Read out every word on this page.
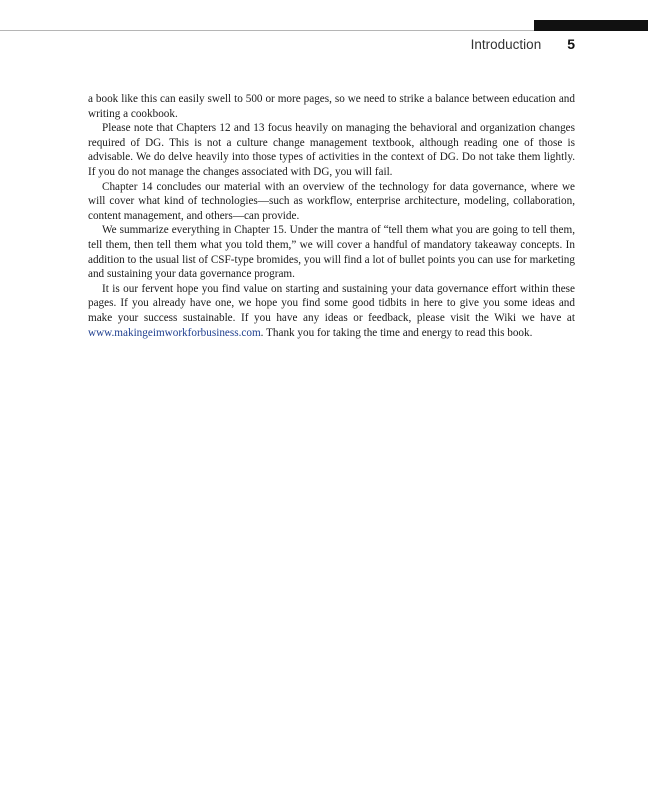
Introduction 5

a book like this can easily swell to 500 or more pages, so we need to strike a balance between education and writing a cookbook.

Please note that Chapters 12 and 13 focus heavily on managing the behavioral and organization changes required of DG. This is not a culture change management textbook, although reading one of those is advisable. We do delve heavily into those types of activities in the context of DG. Do not take them lightly. If you do not manage the changes associated with DG, you will fail.

Chapter 14 concludes our material with an overview of the technology for data governance, where we will cover what kind of technologies—such as workflow, enterprise architecture, modeling, collaboration, content management, and others—can provide.

We summarize everything in Chapter 15. Under the mantra of “tell them what you are going to tell them, tell them, then tell them what you told them,” we will cover a handful of mandatory takeaway concepts. In addition to the usual list of CSF-type bromides, you will find a lot of bullet points you can use for marketing and sustaining your data governance program.

It is our fervent hope you find value on starting and sustaining your data governance effort within these pages. If you already have one, we hope you find some good tidbits in here to give you some ideas and make your success sustainable. If you have any ideas or feedback, please visit the Wiki we have at www.makingeimworkforbusiness.com. Thank you for taking the time and energy to read this book.
